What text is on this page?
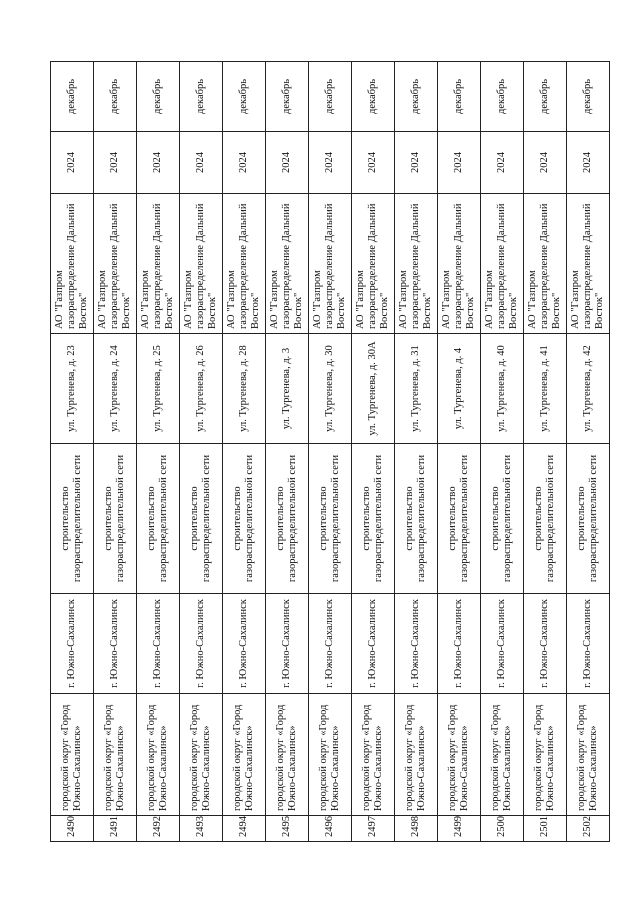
2490	городской округ «Город Южно-Сахалинск»	г. Южно-Сахалинск	строительство газораспределительной сети	ул. Тургенева, д. 23	АО "Газпром газораспределение Дальний Восток"	2024	декабрь
2491	городской округ «Город Южно-Сахалинск»	г. Южно-Сахалинск	строительство газораспределительной сети	ул. Тургенева, д. 24	АО "Газпром газораспределение Дальний Восток"	2024	декабрь
2492	городской округ «Город Южно-Сахалинск»	г. Южно-Сахалинск	строительство газораспределительной сети	ул. Тургенева, д. 25	АО "Газпром газораспределение Дальний Восток"	2024	декабрь
2493	городской округ «Город Южно-Сахалинск»	г. Южно-Сахалинск	строительство газораспределительной сети	ул. Тургенева, д. 26	АО "Газпром газораспределение Дальний Восток"	2024	декабрь
2494	городской округ «Город Южно-Сахалинск»	г. Южно-Сахалинск	строительство газораспределительной сети	ул. Тургенева, д. 28	АО "Газпром газораспределение Дальний Восток"	2024	декабрь
2495	городской округ «Город Южно-Сахалинск»	г. Южно-Сахалинск	строительство газораспределительной сети	ул. Тургенева, д. 3	АО "Газпром газораспределение Дальний Восток"	2024	декабрь
2496	городской округ «Город Южно-Сахалинск»	г. Южно-Сахалинск	строительство газораспределительной сети	ул. Тургенева, д. 30	АО "Газпром газораспределение Дальний Восток"	2024	декабрь
2497	городской округ «Город Южно-Сахалинск»	г. Южно-Сахалинск	строительство газораспределительной сети	ул. Тургенева, д. 30А	АО "Газпром газораспределение Дальний Восток"	2024	декабрь
2498	городской округ «Город Южно-Сахалинск»	г. Южно-Сахалинск	строительство газораспределительной сети	ул. Тургенева, д. 31	АО "Газпром газораспределение Дальний Восток"	2024	декабрь
2499	городской округ «Город Южно-Сахалинск»	г. Южно-Сахалинск	строительство газораспределительной сети	ул. Тургенева, д. 4	АО "Газпром газораспределение Дальний Восток"	2024	декабрь
2500	городской округ «Город Южно-Сахалинск»	г. Южно-Сахалинск	строительство газораспределительной сети	ул. Тургенева, д. 40	АО "Газпром газораспределение Дальний Восток"	2024	декабрь
2501	городской округ «Город Южно-Сахалинск»	г. Южно-Сахалинск	строительство газораспределительной сети	ул. Тургенева, д. 41	АО "Газпром газораспределение Дальний Восток"	2024	декабрь
2502	городской округ «Город Южно-Сахалинск»	г. Южно-Сахалинск	строительство газораспределительной сети	ул. Тургенева, д. 42	АО "Газпром газораспределение Дальний Восток"	2024	декабрь
